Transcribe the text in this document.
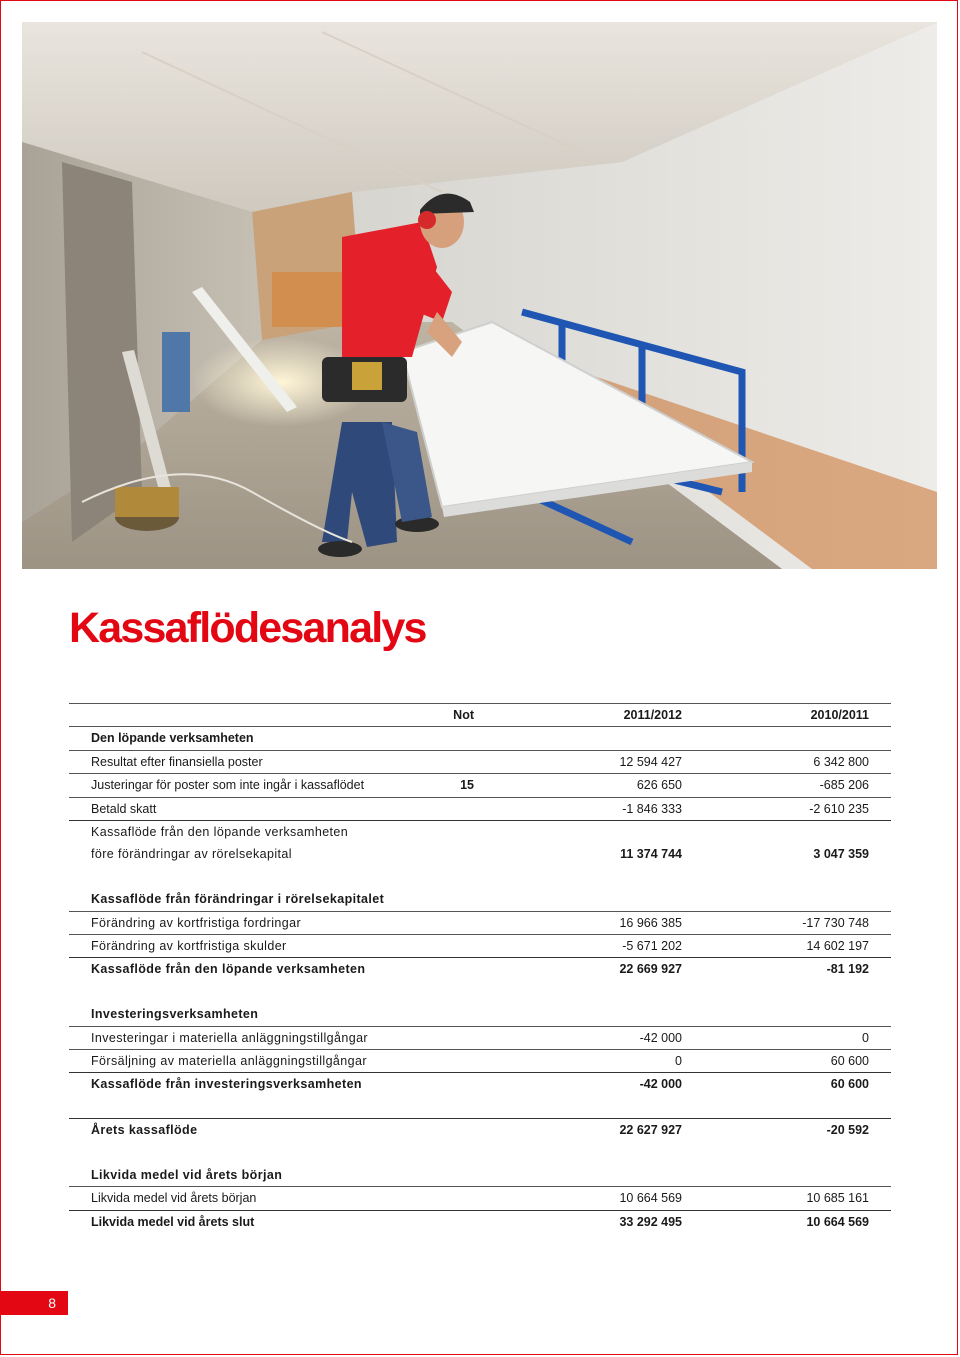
Kassaflödesanalys
	Not	2011/2012	2010/2011
Den löpande verksamheten			
Resultat efter finansiella poster		12 594 427	6 342 800
Justeringar för poster som inte ingår i kassaflödet	15	626 650	-685 206
Betald skatt		-1 846 333	-2 610 235
Kassaflöde från den löpande verksamheten			
före förändringar av rörelsekapital		11 374 744	3 047 359

Kassaflöde från förändringar i rörelsekapitalet			
Förändring av kortfristiga fordringar		16 966 385	-17 730 748
Förändring av kortfristiga skulder		-5 671 202	14 602 197
Kassaflöde från den löpande verksamheten		22 669 927	-81 192

Investeringsverksamheten			
Investeringar i materiella anläggningstillgångar		-42 000	0
Försäljning av materiella anläggningstillgångar		0	60 600
Kassaflöde från investeringsverksamheten		-42 000	60 600

Årets kassaflöde		22 627 927	-20 592

Likvida medel vid årets början			
Likvida medel vid årets början		10 664 569	10 685 161
Likvida medel vid årets slut		33 292 495	10 664 569
8
